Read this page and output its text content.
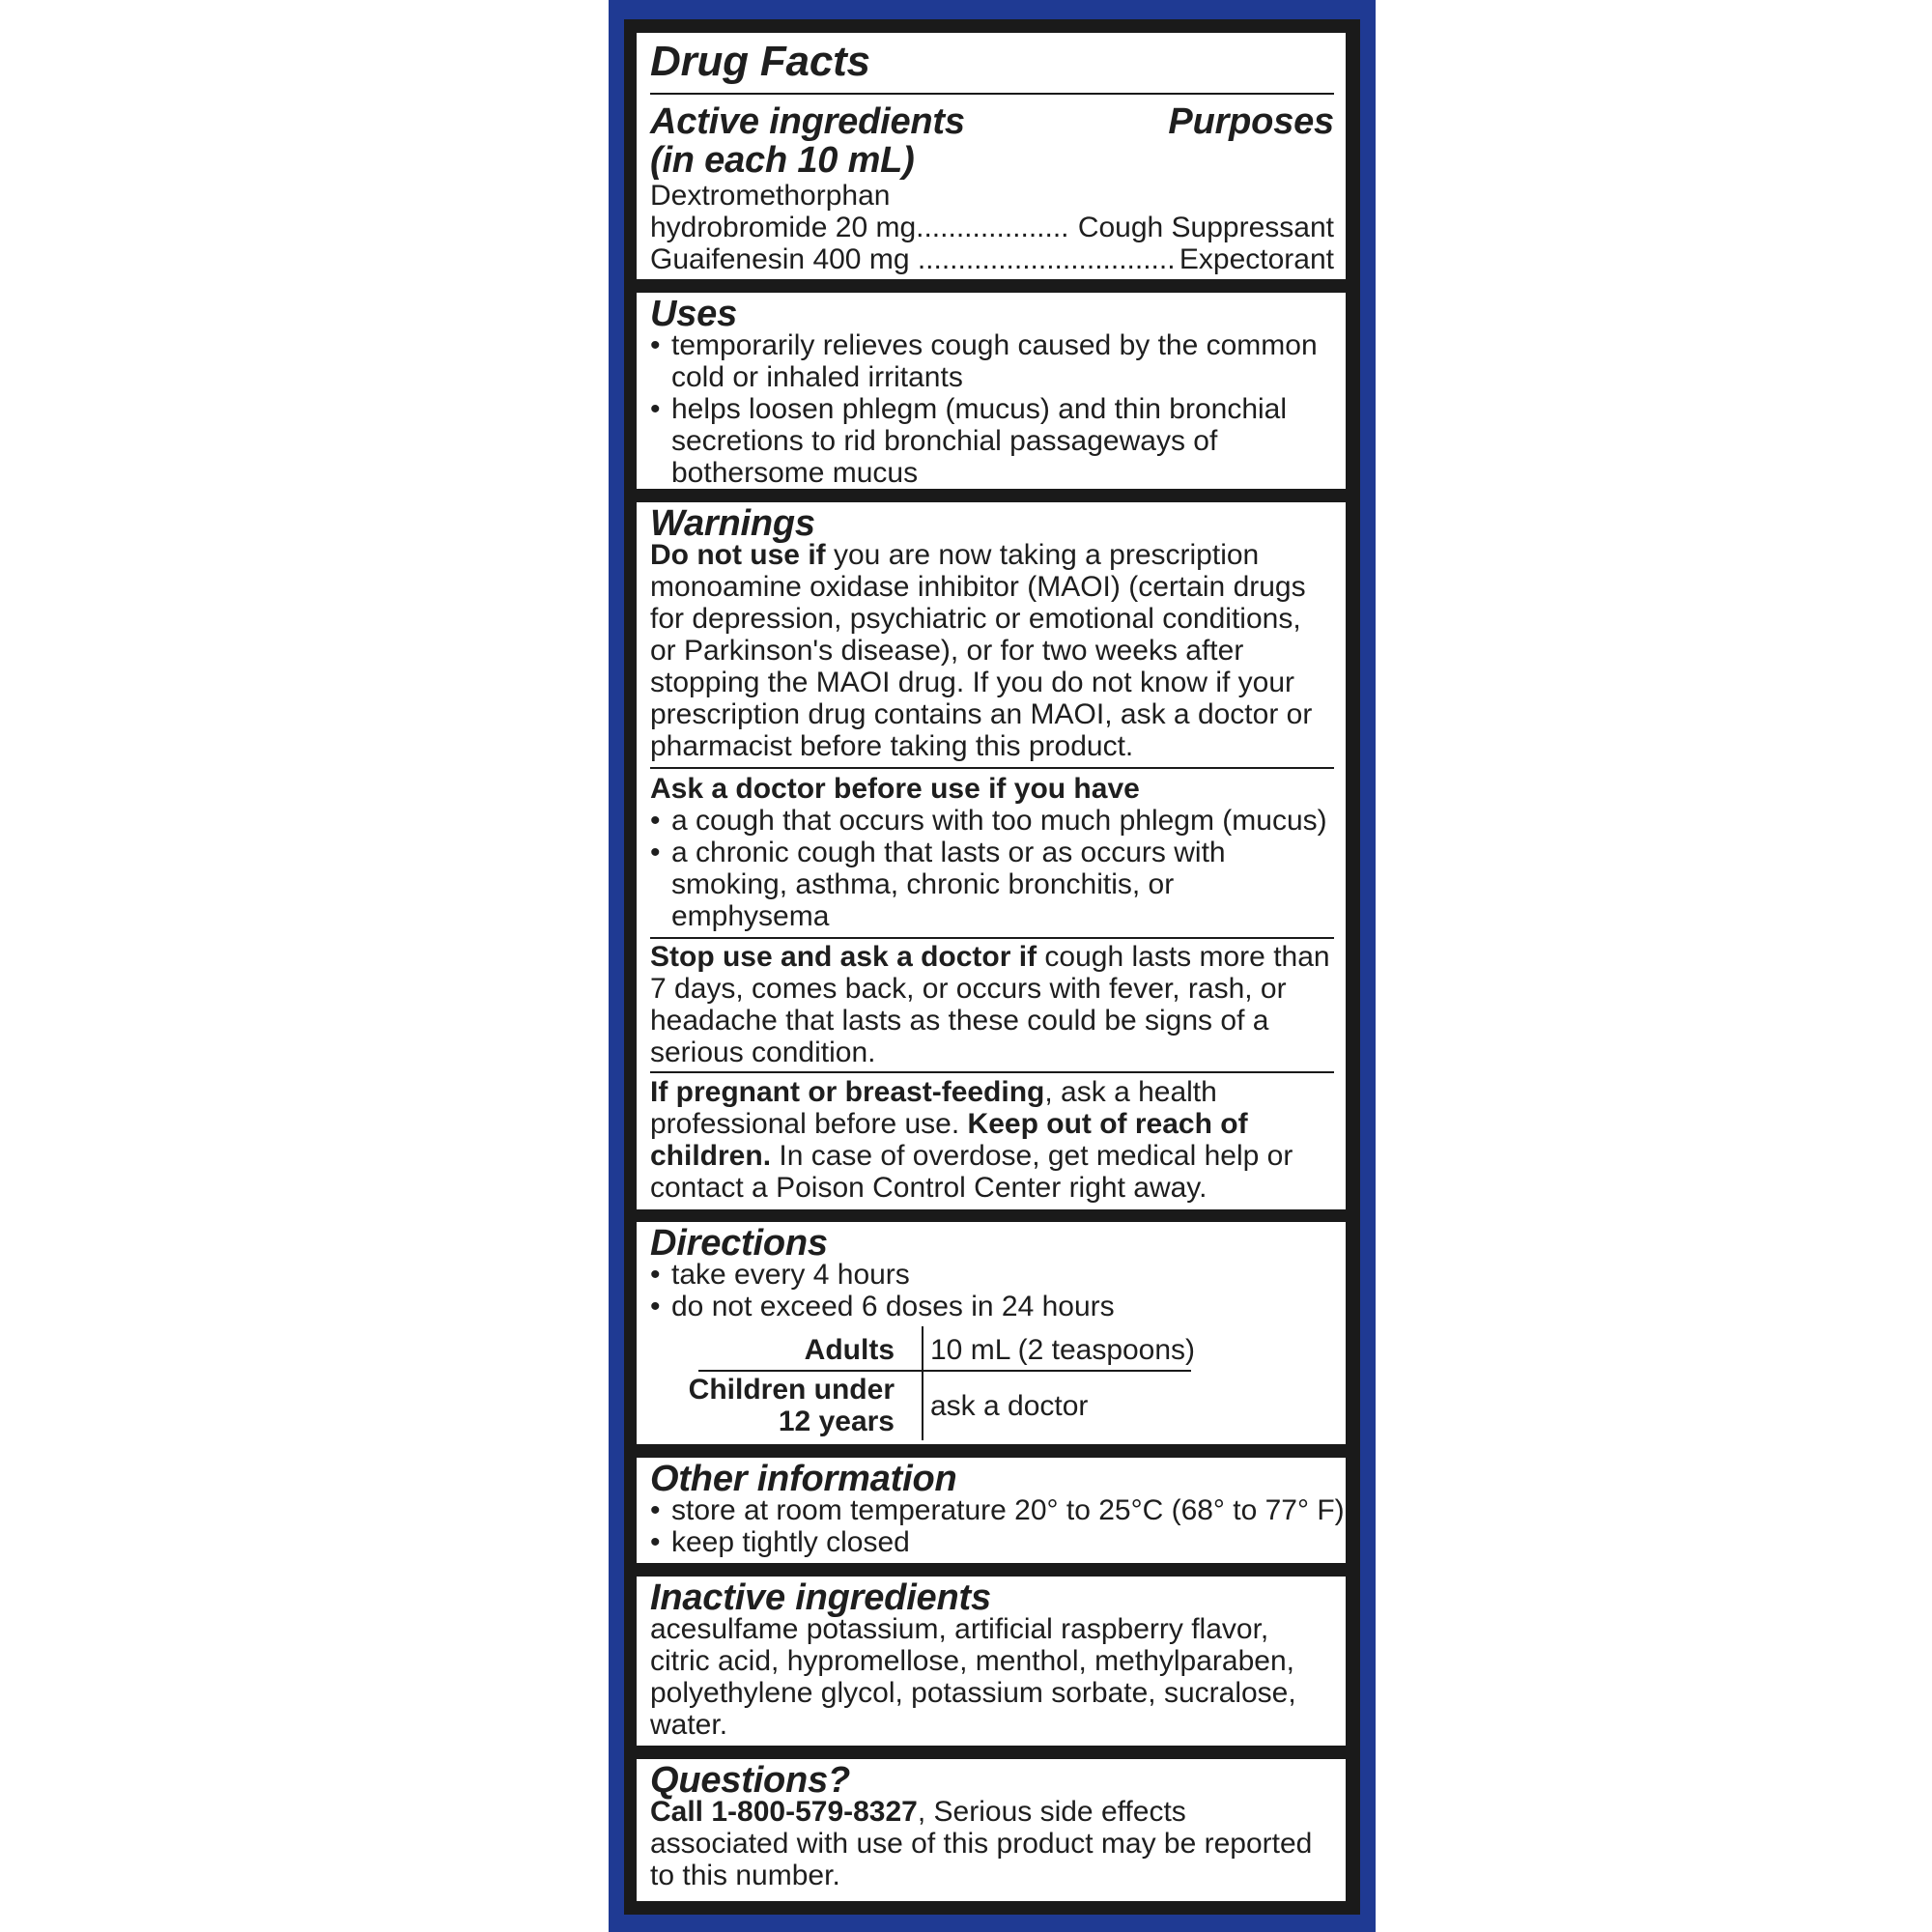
Drug Facts
Active ingredients	Purposes
(in each 10 mL)
Dextromethorphan
hydrobromide 20 mg................... Cough Suppressant
Guaifenesin 400 mg ................................ Expectorant
Uses
• temporarily relieves cough caused by the common
cold or inhaled irritants
• helps loosen phlegm (mucus) and thin bronchial
secretions to rid bronchial passageways of
bothersome mucus
Warnings
Do not use if you are now taking a prescription
monoamine oxidase inhibitor (MAOI) (certain drugs
for depression, psychiatric or emotional conditions,
or Parkinson's disease), or for two weeks after
stopping the MAOI drug. If you do not know if your
prescription drug contains an MAOI, ask a doctor or
pharmacist before taking this product.
Ask a doctor before use if you have
• a cough that occurs with too much phlegm (mucus)
• a chronic cough that lasts or as occurs with
smoking, asthma, chronic bronchitis, or
emphysema
Stop use and ask a doctor if cough lasts more than
7 days, comes back, or occurs with fever, rash, or
headache that lasts as these could be signs of a
serious condition.
If pregnant or breast-feeding, ask a health
professional before use. Keep out of reach of
children. In case of overdose, get medical help or
contact a Poison Control Center right away.
Directions
• take every 4 hours
• do not exceed 6 doses in 24 hours
Adults 10 mL (2 teaspoons)
Children under
12 years ask a doctor
Other information
• store at room temperature 20° to 25°C (68° to 77° F)
• keep tightly closed
Inactive ingredients
acesulfame potassium, artificial raspberry flavor,
citric acid, hypromellose, menthol, methylparaben,
polyethylene glycol, potassium sorbate, sucralose,
water.
Questions?
Call 1-800-579-8327, Serious side effects
associated with use of this product may be reported
to this number.
